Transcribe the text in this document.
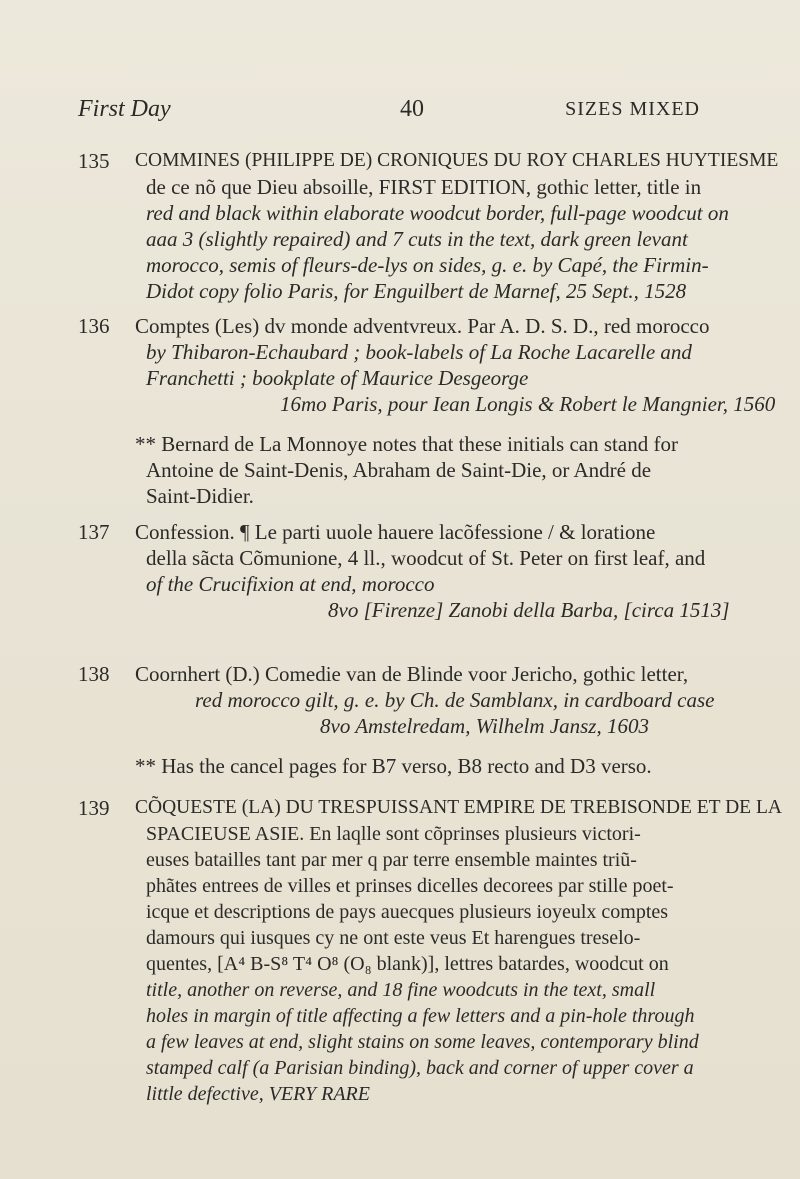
First Day	40	SIZES MIXED
135	COMMINES (PHILIPPE DE) CRONIQUES DU ROY CHARLES HUYTIESME
de ce nõ que Dieu absoille, FIRST EDITION, gothic letter, title in
red and black within elaborate woodcut border, full-page woodcut on
aaa 3 (slightly repaired) and 7 cuts in the text, dark green levant
morocco, semis of fleurs-de-lys on sides, g. e. by Capé, the Firmin-
Didot copy folio Paris, for Enguilbert de Marnef, 25 Sept., 1528
136	Comptes (Les) dv monde adventvreux. Par A. D. S. D., red morocco
by Thibaron-Echaubard ; book-labels of La Roche Lacarelle and
Franchetti ; bookplate of Maurice Desgeorge
16mo Paris, pour Iean Longis & Robert le Mangnier, 1560
** Bernard de La Monnoye notes that these initials can stand for
Antoine de Saint-Denis, Abraham de Saint-Die, or André de
Saint-Didier.
137	Confession. ¶ Le parti uuole hauere lacõfessione / & loratione
della sãcta Cõmunione, 4 ll., woodcut of St. Peter on first leaf, and
of the Crucifixion at end, morocco
8vo [Firenze] Zanobi della Barba, [circa 1513]
138	Coornhert (D.) Comedie van de Blinde voor Jericho, gothic letter,
red morocco gilt, g. e. by Ch. de Samblanx, in cardboard case
8vo Amstelredam, Wilhelm Jansz, 1603
** Has the cancel pages for B7 verso, B8 recto and D3 verso.
139	CÕQUESTE (LA) DU TRESPUISSANT EMPIRE DE TREBISONDE ET DE LA
SPACIEUSE ASIE. En laqlle sont cõprinses plusieurs victori-
euses batailles tant par mer q par terre ensemble maintes triũ-
phãtes entrees de villes et prinses dicelles decorees par stille poet-
icque et descriptions de pays auecques plusieurs ioyeulx comptes
damours qui iusques cy ne ont este veus Et harengues treselo-
quentes, [A⁴ B-S⁸ T⁴ O⁸ (O₈ blank)], lettres batardes, woodcut on
title, another on reverse, and 18 fine woodcuts in the text, small
holes in margin of title affecting a few letters and a pin-hole through
a few leaves at end, slight stains on some leaves, contemporary blind
stamped calf (a Parisian binding), back and corner of upper cover a
little defective, VERY RARE
